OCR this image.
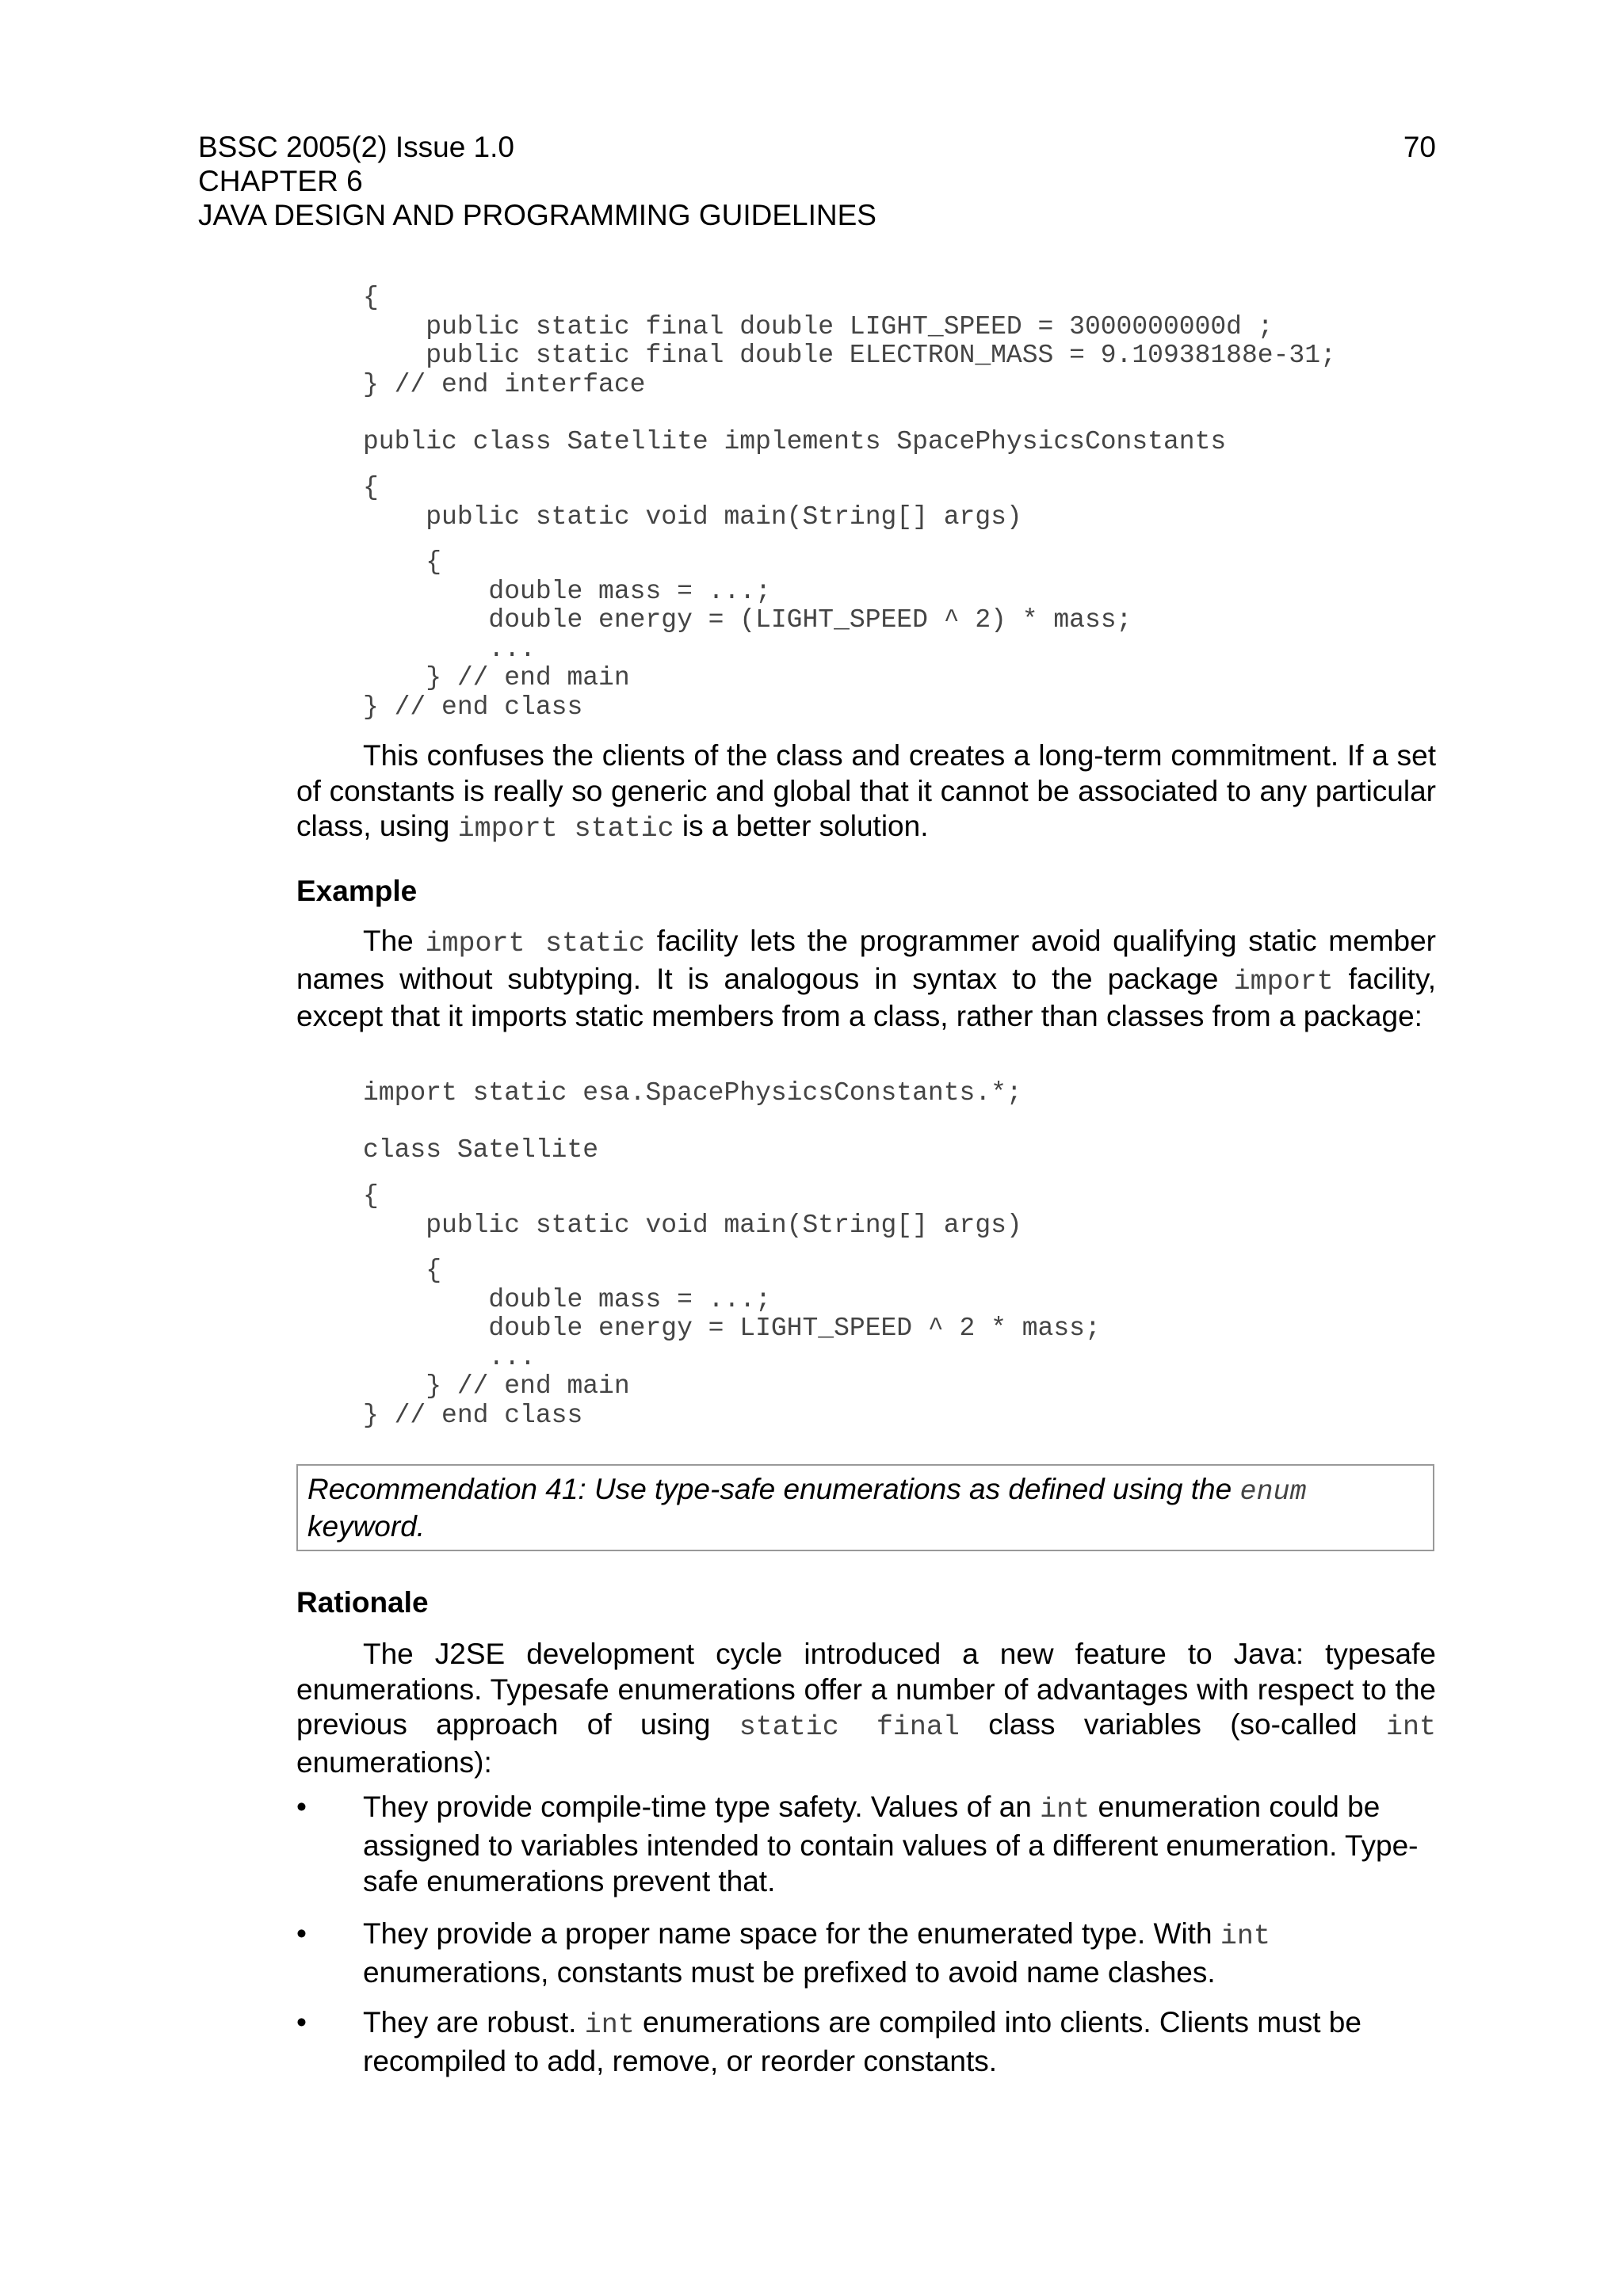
BSSC 2005(2) Issue 1.0
CHAPTER 6
JAVA DESIGN AND PROGRAMMING GUIDELINES
70
{
public static final double LIGHT_SPEED = 3000000000d ;
public static final double ELECTRON_MASS = 9.10938188e-31;
} // end interface
public class Satellite implements SpacePhysicsConstants
{
public static void main(String[] args)
{
double mass = ...;
double energy = (LIGHT_SPEED ^ 2) * mass;
...
} // end main
} // end class

This confuses the clients of the class and creates a long-term commitment. If a set of constants is really so generic and global that it cannot be associated to any particular class, using import static is a better solution.

Example

The import static facility lets the programmer avoid qualifying static member names without subtyping. It is analogous in syntax to the package import facility, except that it imports static members from a class, rather than classes from a package:

import static esa.SpacePhysicsConstants.*;
class Satellite
{
public static void main(String[] args)
{
double mass = ...;
double energy = LIGHT_SPEED ^ 2 * mass;
...
} // end main
} // end class
Recommendation 41: Use type-safe enumerations as defined using the enum keyword.
Rationale

The J2SE development cycle introduced a new feature to Java: typesafe enumerations. Typesafe enumerations offer a number of advantages with respect to the previous approach of using static final class variables (so-called int enumerations):

• They provide compile-time type safety. Values of an int enumeration could be assigned to variables intended to contain values of a different enumeration. Type-safe enumerations prevent that.
• They provide a proper name space for the enumerated type. With int enumerations, constants must be prefixed to avoid name clashes.
• They are robust. int enumerations are compiled into clients. Clients must be recompiled to add, remove, or reorder constants.
